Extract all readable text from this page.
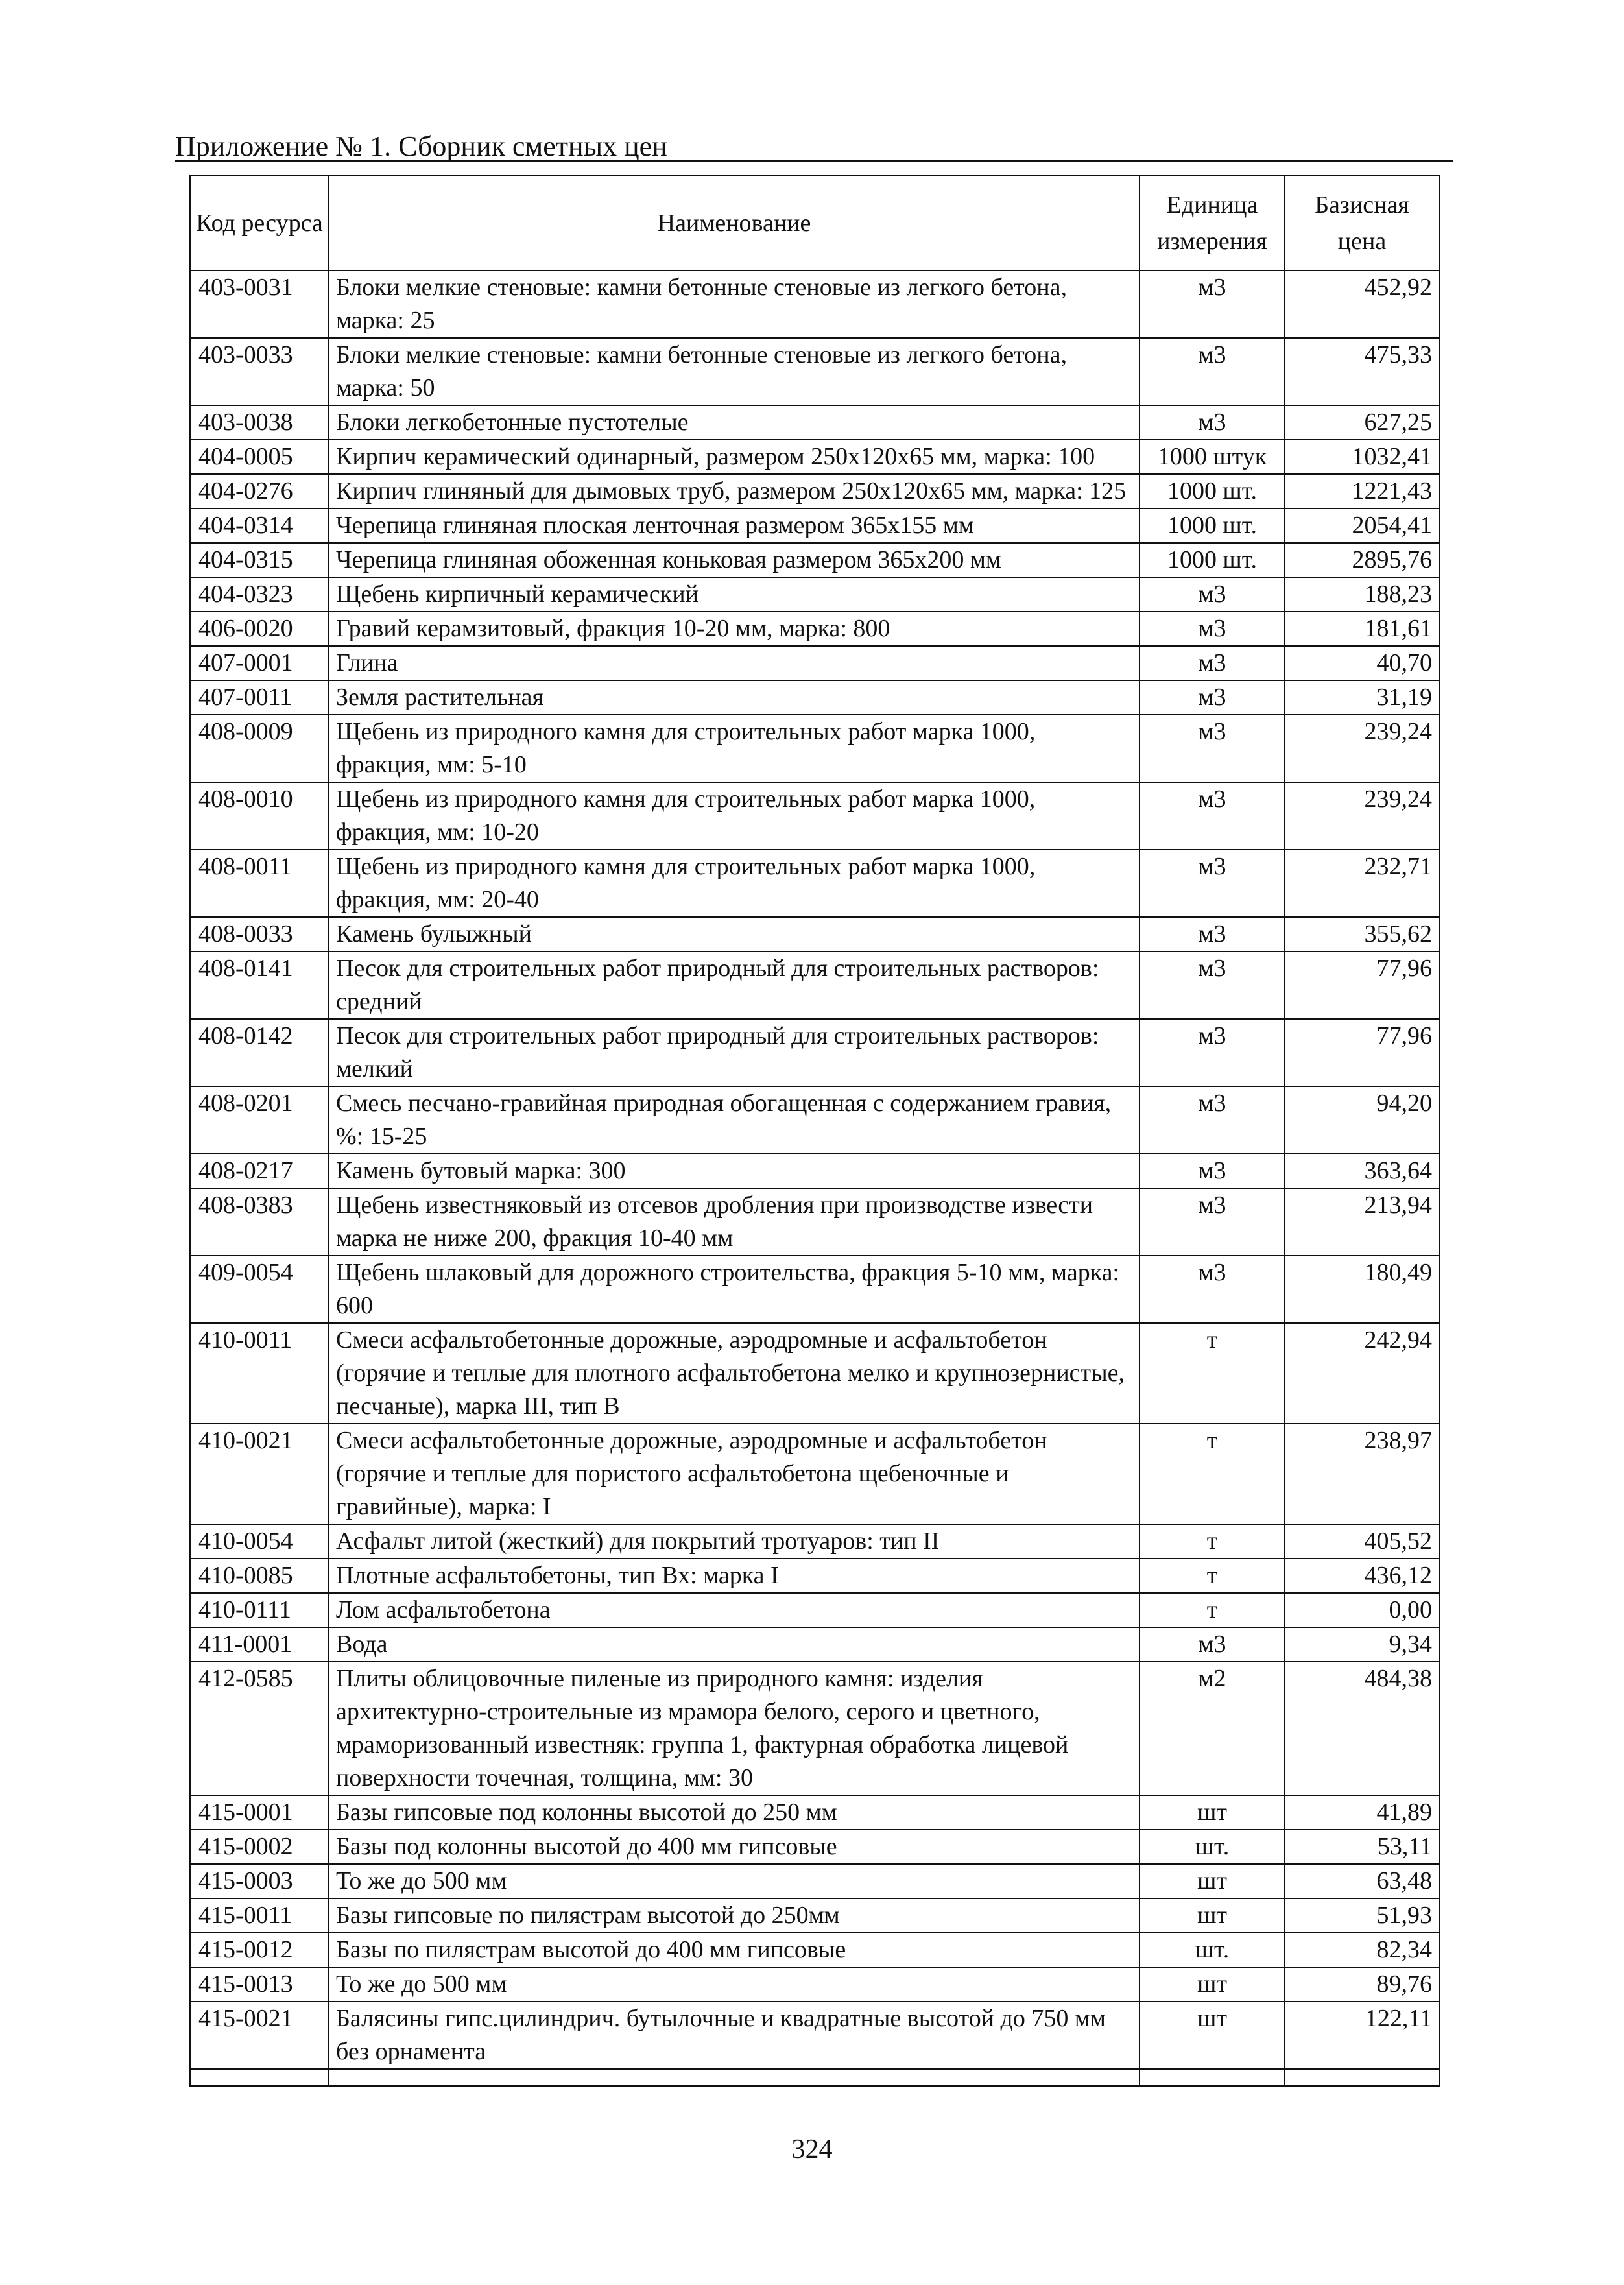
Приложение № 1. Сборник сметных цен
Код ресурса	Наименование	Единица измерения	Базисная цена
403-0031	Блоки мелкие стеновые: камни бетонные стеновые из легкого бетона, марка: 25	м3	452,92
403-0033	Блоки мелкие стеновые: камни бетонные стеновые из легкого бетона, марка: 50	м3	475,33
403-0038	Блоки легкобетонные пустотелые	м3	627,25
404-0005	Кирпич керамический одинарный, размером 250x120x65 мм, марка: 100	1000 штук	1032,41
404-0276	Кирпич глиняный для дымовых труб, размером 250x120x65 мм, марка: 125	1000 шт.	1221,43
404-0314	Черепица глиняная плоская ленточная размером 365x155 мм	1000 шт.	2054,41
404-0315	Черепица глиняная обоженная коньковая размером 365x200 мм	1000 шт.	2895,76
404-0323	Щебень кирпичный керамический	м3	188,23
406-0020	Гравий керамзитовый, фракция 10-20 мм, марка: 800	м3	181,61
407-0001	Глина	м3	40,70
407-0011	Земля растительная	м3	31,19
408-0009	Щебень из природного камня для строительных работ марка 1000, фракция, мм: 5-10	м3	239,24
408-0010	Щебень из природного камня для строительных работ марка 1000, фракция, мм: 10-20	м3	239,24
408-0011	Щебень из природного камня для строительных работ марка 1000, фракция, мм: 20-40	м3	232,71
408-0033	Камень булыжный	м3	355,62
408-0141	Песок для строительных работ природный для строительных растворов: средний	м3	77,96
408-0142	Песок для строительных работ природный для строительных растворов: мелкий	м3	77,96
408-0201	Смесь песчано-гравийная природная обогащенная с содержанием гравия, %: 15-25	м3	94,20
408-0217	Камень бутовый марка: 300	м3	363,64
408-0383	Щебень известняковый из отсевов дробления при производстве извести марка не ниже 200, фракция 10-40 мм	м3	213,94
409-0054	Щебень шлаковый для дорожного строительства, фракция 5-10 мм, марка: 600	м3	180,49
410-0011	Смеси асфальтобетонные дорожные, аэродромные и асфальтобетон (горячие и теплые для плотного асфальтобетона мелко и крупнозернистые, песчаные), марка III, тип В	т	242,94
410-0021	Смеси асфальтобетонные дорожные, аэродромные и асфальтобетон (горячие и теплые для пористого асфальтобетона щебеночные и гравийные), марка: I	т	238,97
410-0054	Асфальт литой (жесткий) для покрытий тротуаров: тип II	т	405,52
410-0085	Плотные асфальтобетоны, тип Вх: марка I	т	436,12
410-0111	Лом асфальтобетона	т	0,00
411-0001	Вода	м3	9,34
412-0585	Плиты облицовочные пиленые из природного камня: изделия архитектурно-строительные из мрамора белого, серого и цветного, мраморизованный известняк: группа 1, фактурная обработка лицевой поверхности точечная, толщина, мм: 30	м2	484,38
415-0001	Базы гипсовые под колонны высотой до 250 мм	шт	41,89
415-0002	Базы под колонны высотой до 400 мм гипсовые	шт.	53,11
415-0003	То же до 500 мм	шт	63,48
415-0011	Базы гипсовые по пилястрам высотой до 250мм	шт	51,93
415-0012	Базы по пилястрам высотой до 400 мм гипсовые	шт.	82,34
415-0013	То же до 500 мм	шт	89,76
415-0021	Балясины гипс.цилиндрич. бутылочные и квадратные высотой до 750 мм без орнамента	шт	122,11

324
